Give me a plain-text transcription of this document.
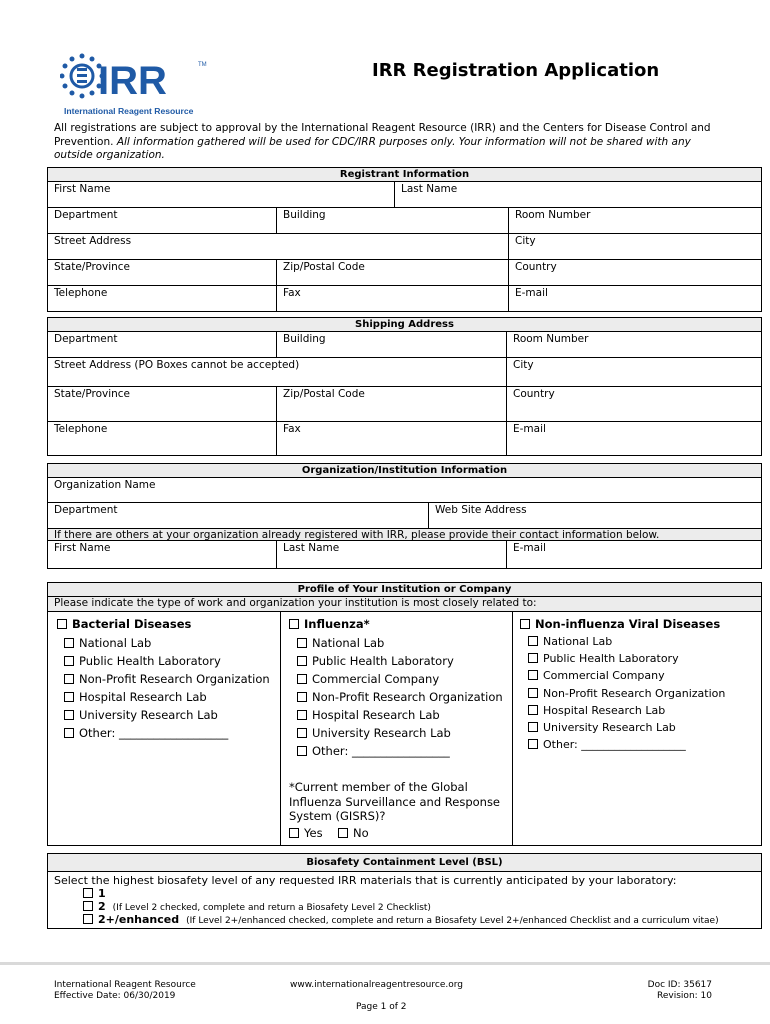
IRR	TM
International Reagent Resource
IRR Registration Application
All registrations are subject to approval by the International Reagent Resource (IRR) and the Centers for Disease Control and Prevention. All information gathered will be used for CDC/IRR purposes only. Your information will not be shared with any outside organization.
Registrant Information
First Name	Last Name
Department	Building	Room Number
Street Address	City
State/Province	Zip/Postal Code	Country
Telephone	Fax	E-mail
Shipping Address
Department	Building	Room Number
Street Address (PO Boxes cannot be accepted)	City
State/Province	Zip/Postal Code	Country
Telephone	Fax	E-mail
Organization/Institution Information
Organization Name
Department	Web Site Address
If there are others at your organization already registered with IRR, please provide their contact information below.
First Name	Last Name	E-mail
Profile of Your Institution or Company
Please indicate the type of work and organization your institution is most closely related to:
Bacterial Diseases
National Lab
Public Health Laboratory
Non-Profit Research Organization
Hospital Research Lab
University Research Lab
Other: ___________________
Influenza*
National Lab
Public Health Laboratory
Commercial Company
Non-Profit Research Organization
Hospital Research Lab
University Research Lab
Other: _________________
*Current member of the Global
Influenza Surveillance and Response
System (GISRS)?
Yes	No
Non-influenza Viral Diseases
National Lab
Public Health Laboratory
Commercial Company
Non-Profit Research Organization
Hospital Research Lab
University Research Lab
Other: ___________________
Biosafety Containment Level (BSL)
Select the highest biosafety level of any requested IRR materials that is currently anticipated by your laboratory:
1
2 (If Level 2 checked, complete and return a Biosafety Level 2 Checklist)
2+/enhanced (If Level 2+/enhanced checked, complete and return a Biosafety Level 2+/enhanced Checklist and a curriculum vitae)
International Reagent Resource
Effective Date: 06/30/2019
www.internationalreagentresource.org	Doc ID: 35617
Revision: 10
Page 1 of 2
